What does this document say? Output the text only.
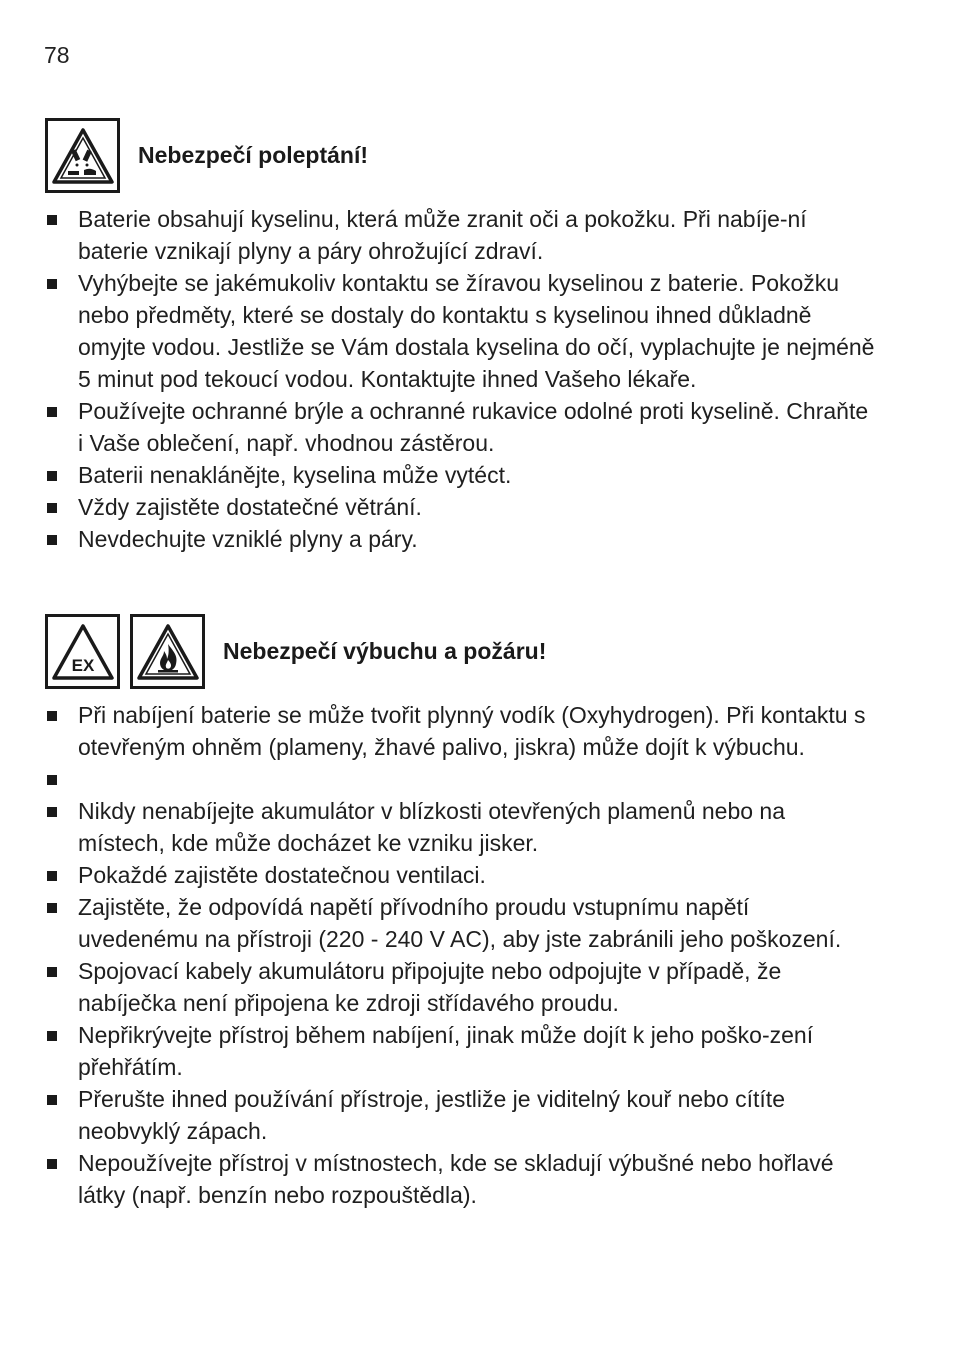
78
Nebezpečí poleptání!
Baterie obsahují kyselinu, která může zranit oči a pokožku. Při nabíje-ní baterie vznikají plyny a páry ohrožující zdraví.
Vyhýbejte se jakémukoliv kontaktu se žíravou kyselinou z baterie. Pokožku nebo předměty, které se dostaly do kontaktu s kyselinou ihned důkladně omyjte vodou. Jestliže se Vám dostala kyselina do očí, vyplachujte je nejméně 5 minut pod tekoucí vodou. Kontaktujte ihned Vašeho lékaře.
Používejte ochranné brýle a ochranné rukavice odolné proti kyselině. Chraňte i Vaše oblečení, např. vhodnou zástěrou.
Baterii nenaklánějte, kyselina může vytéct.
Vždy zajistěte dostatečné větrání.
Nevdechujte vzniklé plyny a páry.
EX
Nebezpečí výbuchu a požáru!
Při nabíjení baterie se může tvořit plynný vodík (Oxyhydrogen). Při kontaktu s otevřeným ohněm (plameny, žhavé palivo, jiskra) může dojít k výbuchu.
Nikdy nenabíjejte akumulátor v blízkosti otevřených plamenů nebo na místech, kde může docházet ke vzniku jisker.
Pokaždé zajistěte dostatečnou ventilaci.
Zajistěte, že odpovídá napětí přívodního proudu vstupnímu napětí uvedenému na přístroji (220 - 240 V AC), aby jste zabránili jeho poškození.
Spojovací kabely akumulátoru připojujte nebo odpojujte v případě, že nabíječka není připojena ke zdroji střídavého proudu.
Nepřikrývejte přístroj během nabíjení, jinak může dojít k jeho poško-zení přehřátím.
Přerušte ihned používání přístroje, jestliže je viditelný kouř nebo cítíte neobvyklý zápach.
Nepoužívejte přístroj v místnostech, kde se skladují výbušné nebo hořlavé látky (např. benzín nebo rozpouštědla).
